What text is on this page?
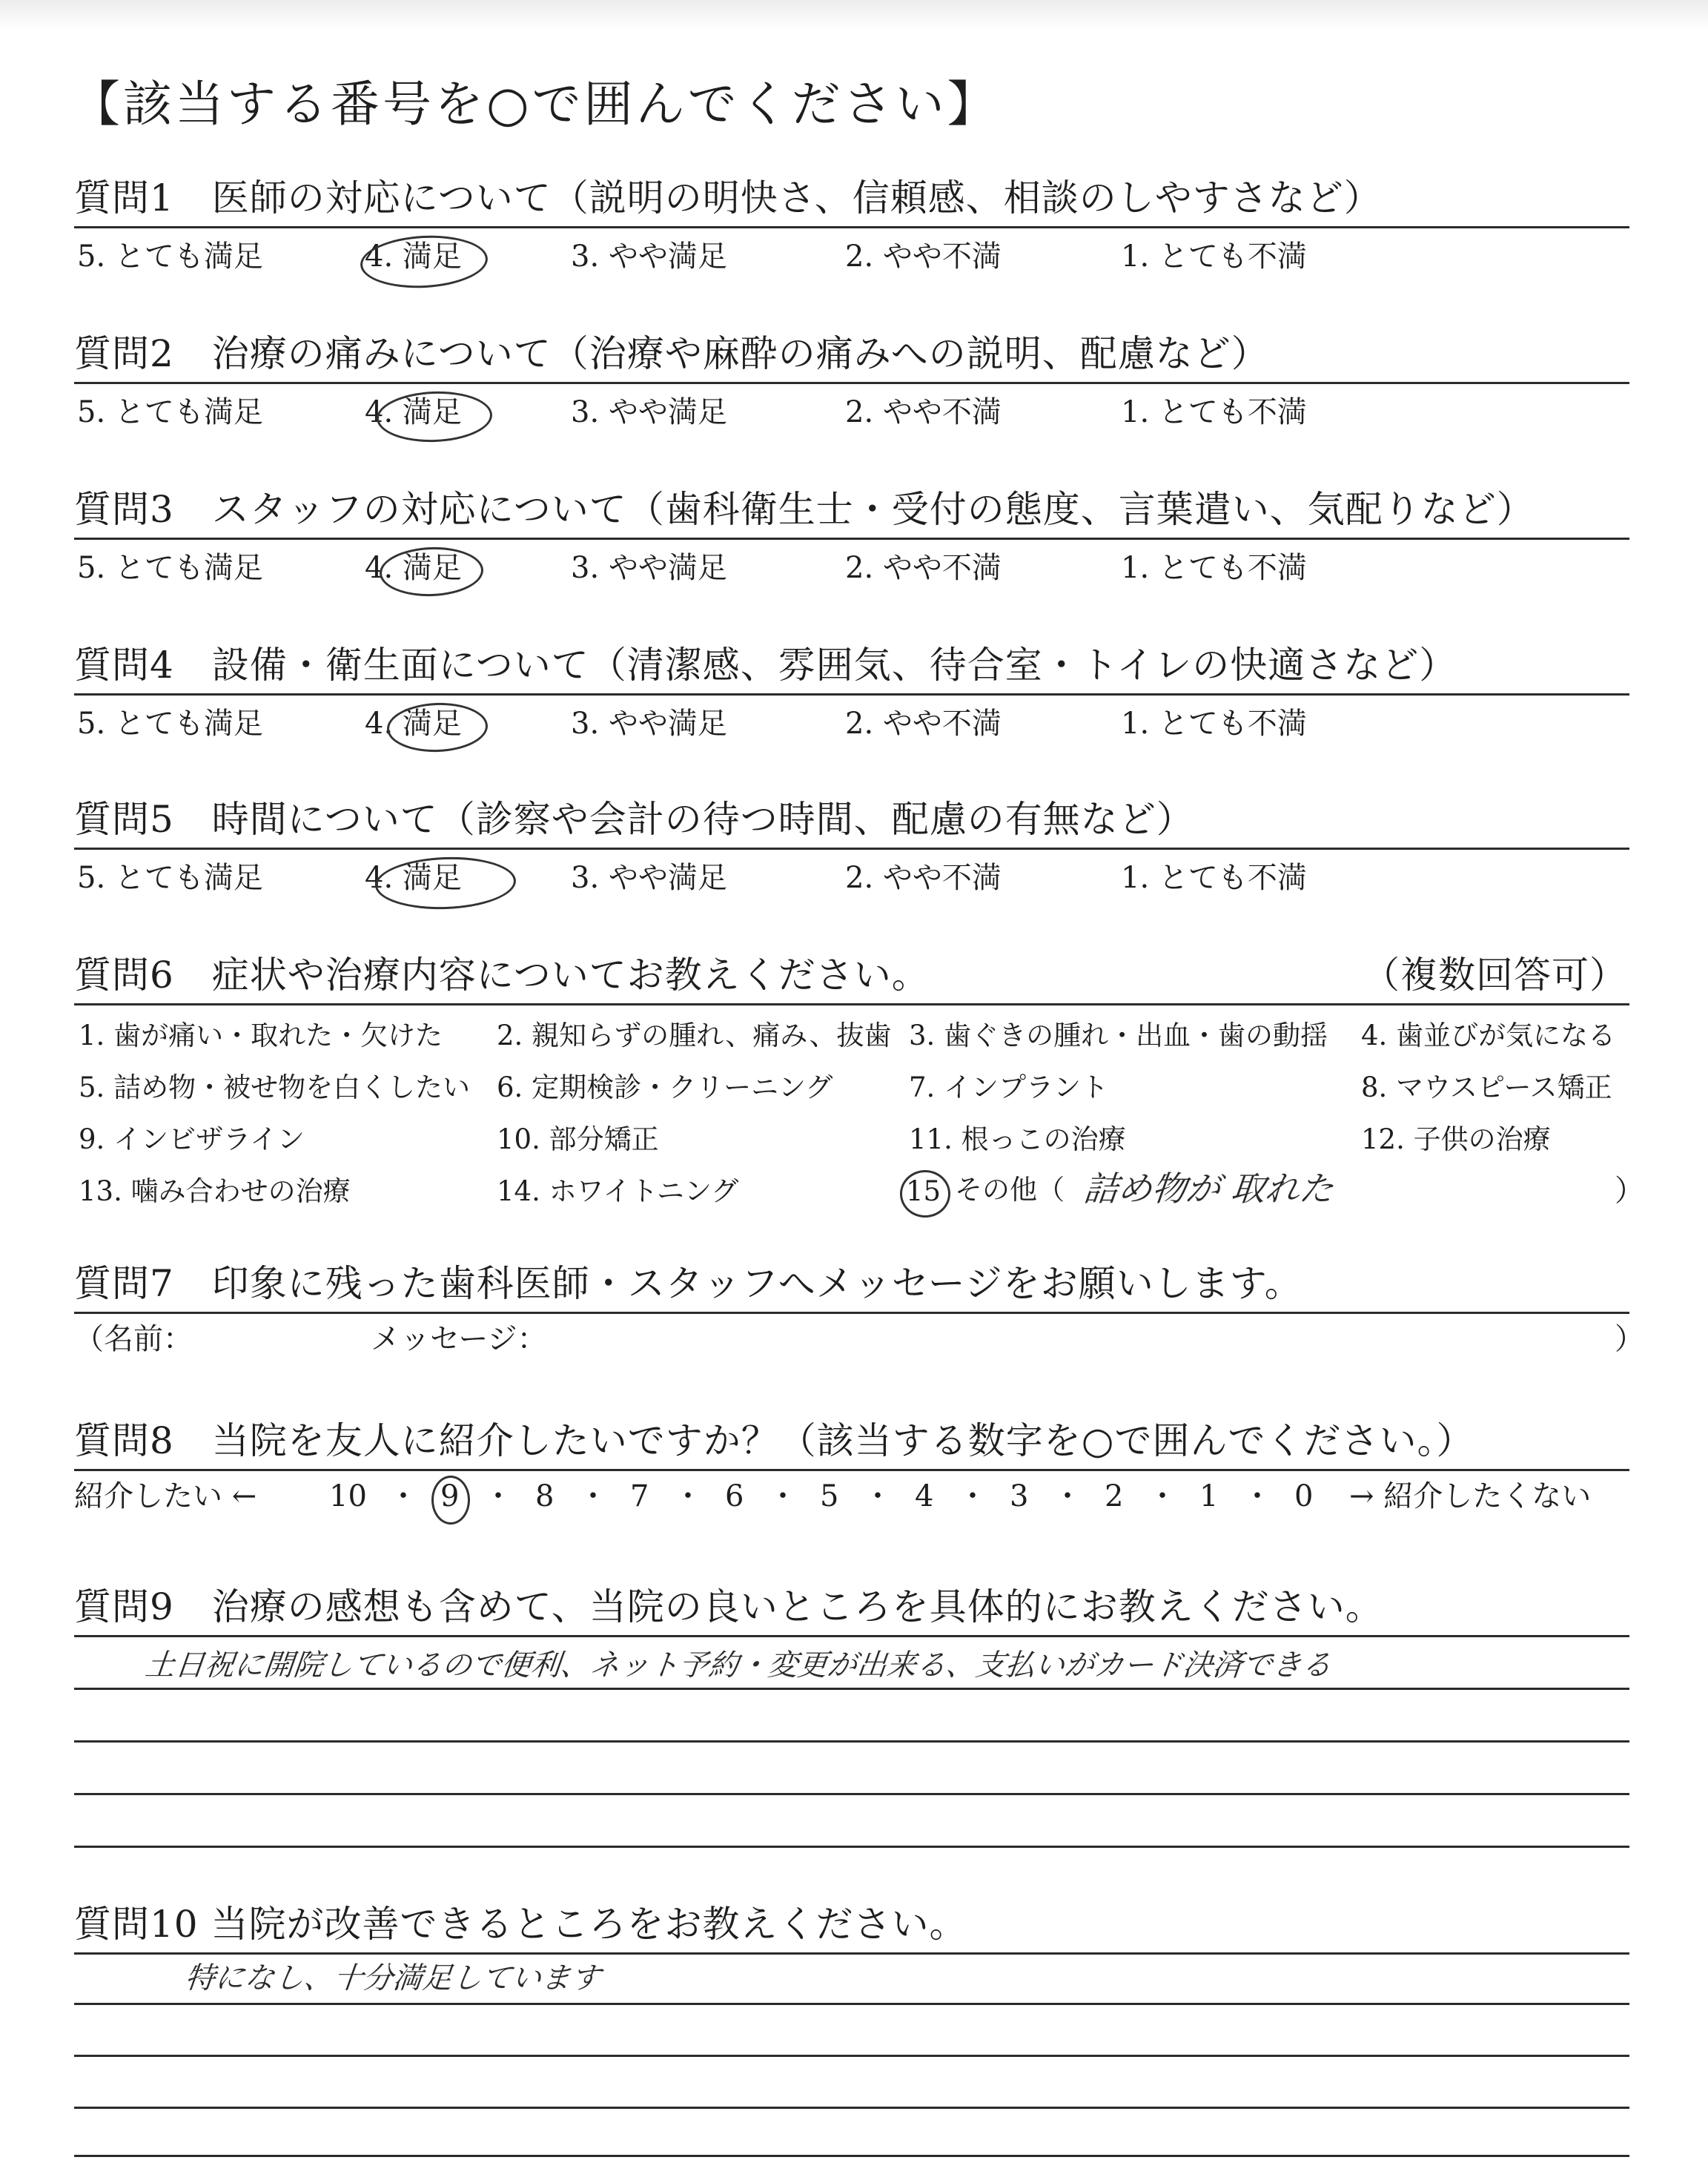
【該当する番号を○で囲んでください】
質問1　医師の対応について（説明の明快さ、信頼感、相談のしやすさなど）
5. とても満足	4. 満足	3. やや満足	2. やや不満	1. とても不満
質問2　治療の痛みについて（治療や麻酔の痛みへの説明、配慮など）
5. とても満足	4. 満足	3. やや満足	2. やや不満	1. とても不満
質問3　スタッフの対応について（歯科衛生士・受付の態度、言葉遣い、気配りなど）
5. とても満足	4. 満足	3. やや満足	2. やや不満	1. とても不満
質問4　設備・衛生面について（清潔感、雰囲気、待合室・トイレの快適さなど）
5. とても満足	4. 満足	3. やや満足	2. やや不満	1. とても不満
質問5　時間について（診察や会計の待つ時間、配慮の有無など）
5. とても満足	4. 満足	3. やや満足	2. やや不満	1. とても不満
質問6　症状や治療内容についてお教えください。	（複数回答可）
1. 歯が痛い・取れた・欠けた 2. 親知らずの腫れ、痛み、抜歯 3. 歯ぐきの腫れ・出血・歯の動揺 4. 歯並びが気になる
5. 詰め物・被せ物を白くしたい 6. 定期検診・クリーニング	7. インプラント	8. マウスピース矯正
9. インビザライン	10. 部分矯正	11. 根っこの治療	12. 子供の治療
13. 噛み合わせの治療	14. ホワイトニング	15 その他（ 詰め物が 取れた	）
質問7　印象に残った歯科医師・スタッフへメッセージをお願いします。
（名前：	メッセージ：	）
質問8　当院を友人に紹介したいですか？（該当する数字を○で囲んでください。）
紹介したい ← 10 ・ 9 ・ 8 ・ 7 ・ 6 ・ 5 ・ 4 ・ 3 ・ 2 ・ 1 ・ 0 → 紹介したくない
質問9　治療の感想も含めて、当院の良いところを具体的にお教えください。
土日祝に開院しているので便利、ネット予約・変更が出来る、支払いがカード決済できる
質問10 当院が改善できるところをお教えください。
特になし、十分満足しています
